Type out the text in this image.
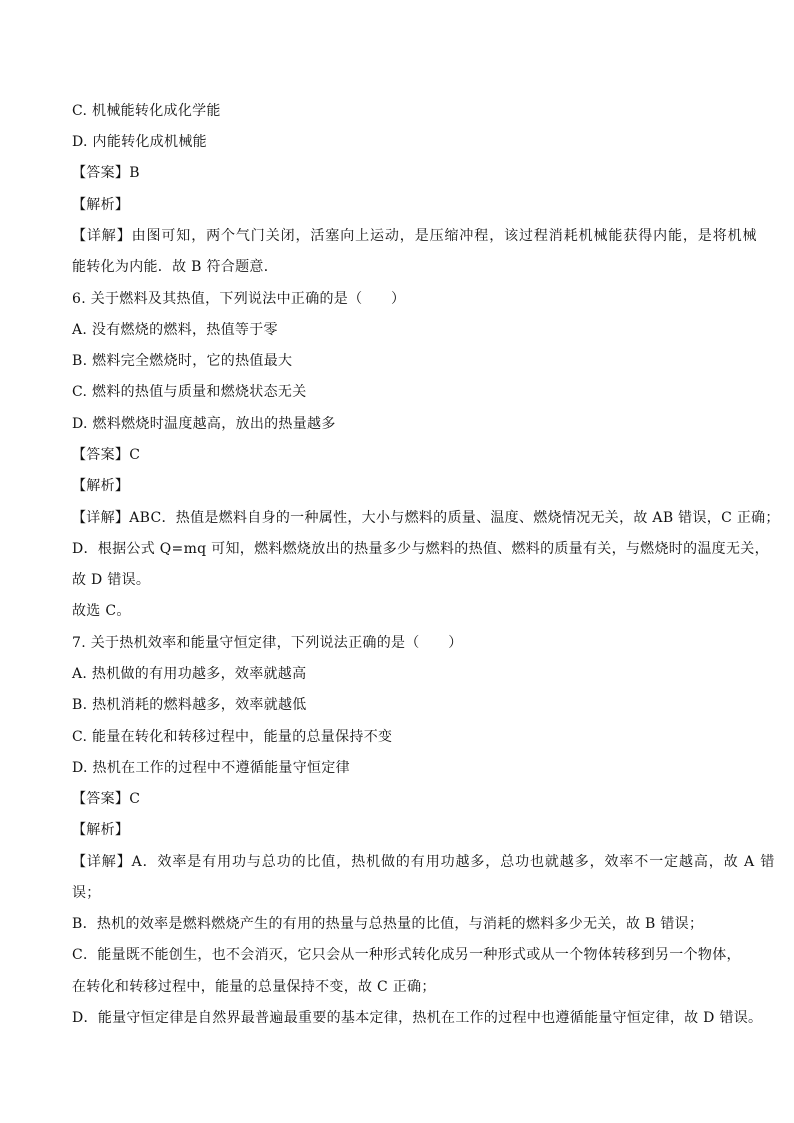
C. 机械能转化成化学能

D. 内能转化成机械能

【答案】B

【解析】

【详解】由图可知，两个气门关闭，活塞向上运动，是压缩冲程，该过程消耗机械能获得内能，是将机械

能转化为内能．故 B 符合题意．

6. 关于燃料及其热值，下列说法中正确的是（　　）

A. 没有燃烧的燃料，热值等于零

B. 燃料完全燃烧时，它的热值最大

C. 燃料的热值与质量和燃烧状态无关

D. 燃料燃烧时温度越高，放出的热量越多

【答案】C

【解析】

【详解】ABC．热值是燃料自身的一种属性，大小与燃料的质量、温度、燃烧情况无关，故 AB 错误，C 正确；

D．根据公式 Q=mq 可知，燃料燃烧放出的热量多少与燃料的热值、燃料的质量有关，与燃烧时的温度无关，

故 D 错误。

故选 C。

7. 关于热机效率和能量守恒定律，下列说法正确的是（　　）

A. 热机做的有用功越多，效率就越高

B. 热机消耗的燃料越多，效率就越低

C. 能量在转化和转移过程中，能量的总量保持不变

D. 热机在工作的过程中不遵循能量守恒定律

【答案】C

【解析】

【详解】A．效率是有用功与总功的比值，热机做的有用功越多，总功也就越多，效率不一定越高，故 A 错

误；

B．热机的效率是燃料燃烧产生的有用的热量与总热量的比值，与消耗的燃料多少无关，故 B 错误；

C．能量既不能创生，也不会消灭，它只会从一种形式转化成另一种形式或从一个物体转移到另一个物体，

在转化和转移过程中，能量的总量保持不变，故 C 正确；

D．能量守恒定律是自然界最普遍最重要的基本定律，热机在工作的过程中也遵循能量守恒定律，故 D 错误。
